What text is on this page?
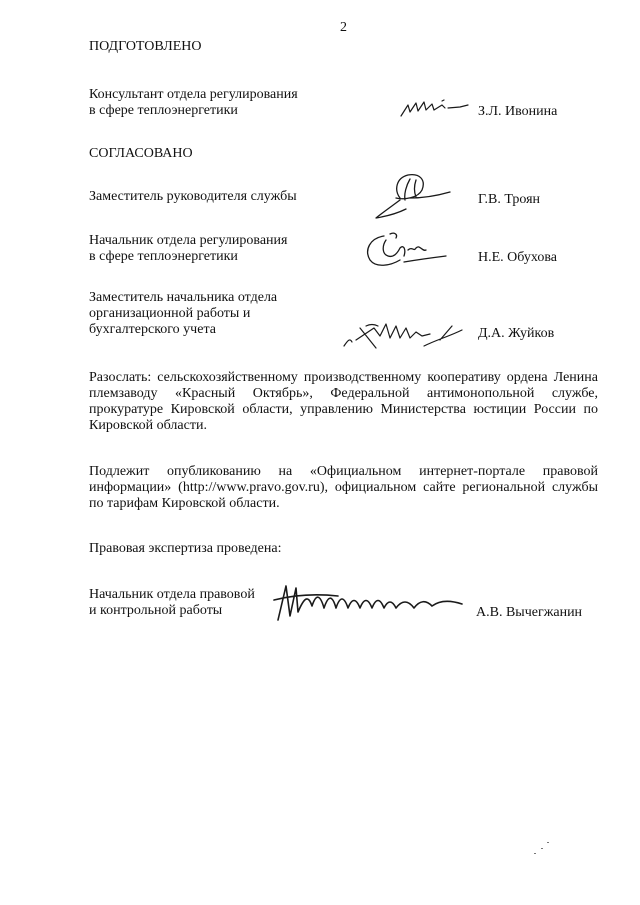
2
ПОДГОТОВЛЕНО
Консультант отдела регулирования
в сфере теплоэнергетики	З.Л. Ивонина
СОГЛАСОВАНО
Заместитель руководителя службы	Г.В. Троян
Начальник отдела регулирования
в сфере теплоэнергетики	Н.Е. Обухова
Заместитель начальника отдела
организационной работы и
бухгалтерского учета	Д.А. Жуйков
Разослать: сельскохозяйственному производственному кооперативу ордена Ленина племзаводу «Красный Октябрь», Федеральной антимонопольной службе, прокуратуре Кировской области, управлению Министерства юстиции России по Кировской области.
Подлежит опубликованию на «Официальном интернет-портале правовой информации» (http://www.pravo.gov.ru), официальном сайте региональной службы по тарифам Кировской области.
Правовая экспертиза проведена:
Начальник отдела правовой
и контрольной работы	А.В. Вычегжанин
